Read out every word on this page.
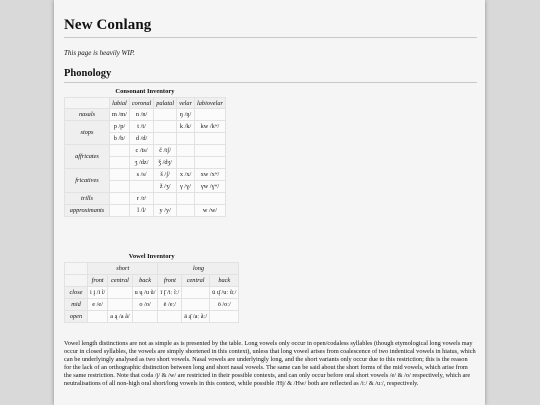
New Conlang

This page is heavily WIP.

Phonology
Consonant Inventory
	labial	coronal	palatal	velar	labiovelar
nasals	m /m/	n /n/		ŋ /ŋ/	
stops	p /p/	t /t/		k /k/	kw /kʷ/
	b /b/	d /d/			
affricates		c /ts/	č /tʃ/		
		ʒ /dz/	ǯ /dʒ/		
fricatives		s /s/	š /ʃ/	x /x/	xw /xʷ/
			ž /ʒ/	γ /ɣ/	γw /ɣʷ/
trills		r /r/			
approximants		l /l/	y /y/		w /w/
Vowel Inventory
	short			long		
	front	central	back	front	central	back
close	i į /i ĩ/		u ų /u ũ/	ī į̄ /iː ĩː/		ū ų̄ /uː ũː/
mid	e /e/		o /o/	ē /eː/		ō /oː/
open		a ą /a ã/			ā ą̄ /aː ãː/	

Vowel length distinctions are not as simple as is presented by the table. Long vowels only occur in open/codaless syllables (though etymological long vowels may occur in closed syllables, the vowels are simply shortened in this context), unless that long vowel arises from coalescence of two indentical vowels in hiatus, which can be underlyingly analysed as two short vowels. Nasal vowels are underlyingly long, and the short variants only occur due to this restriction; this is the reason for the lack of an orthographic distinction between long and short nasal vowels. The same can be said about the short forms of the mid vowels, which arise from the same restriction. Note that coda /j/ & /w/ are restricted in their possible contexts, and can only occur before oral short vowels /e/ & /o/ respectively, which are neutralisations of all non-high oral short/long vowels in this context, while possible /Hj/ & /Hw/ both are reflected as /iː/ & /uː/, respectively.
